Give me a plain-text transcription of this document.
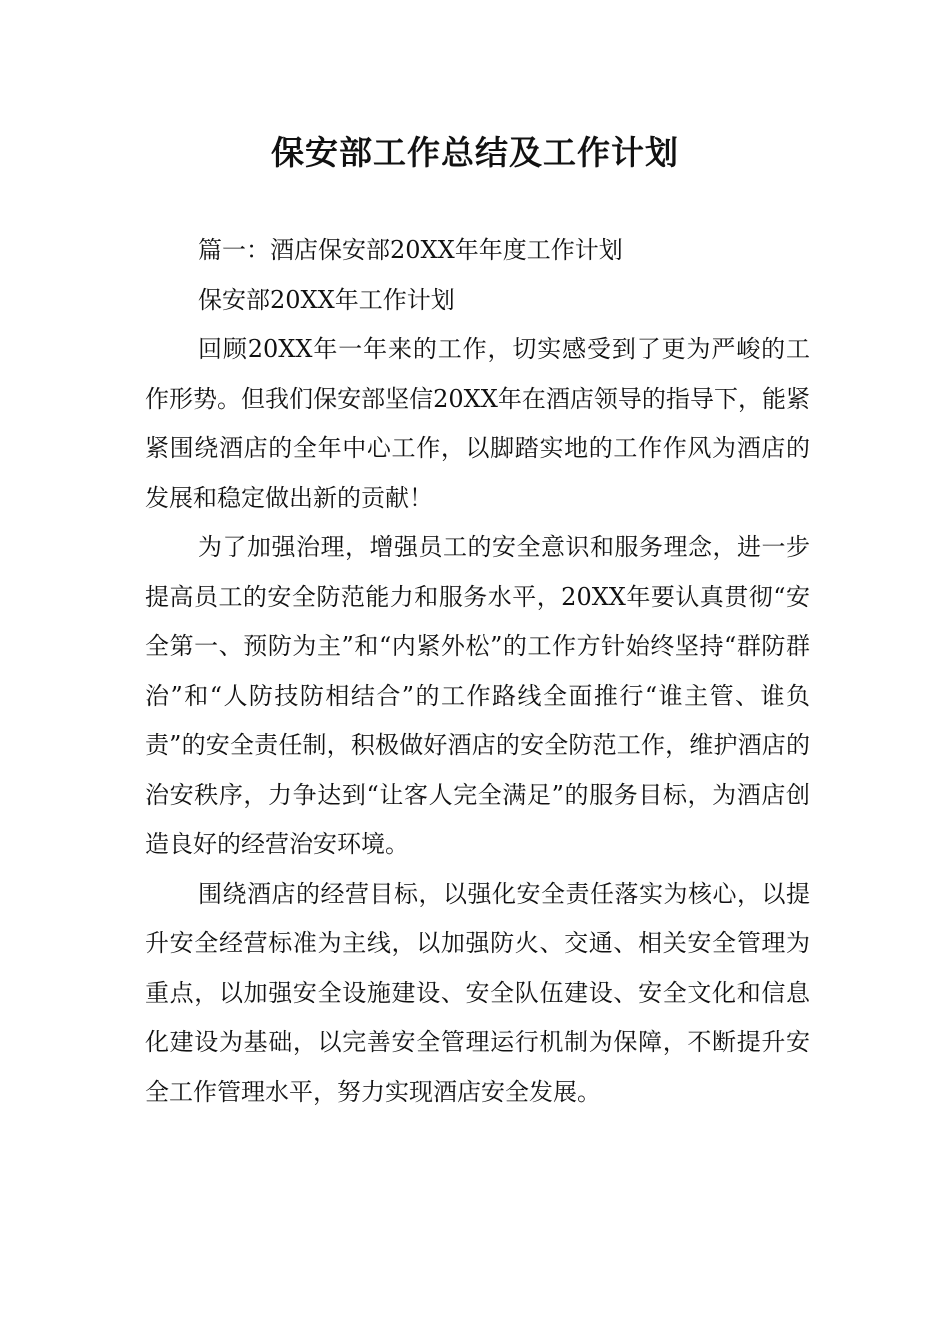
保安部工作总结及工作计划

篇一：酒店保安部20XX年年度工作计划

保安部20XX年工作计划

回顾20XX年一年来的工作，切实感受到了更为严峻的工作形势。但我们保安部坚信20XX年在酒店领导的指导下，能紧紧围绕酒店的全年中心工作，以脚踏实地的工作作风为酒店的发展和稳定做出新的贡献！

为了加强治理，增强员工的安全意识和服务理念，进一步提高员工的安全防范能力和服务水平，20XX年要认真贯彻“安全第一、预防为主”和“内紧外松”的工作方针始终坚持“群防群治”和“人防技防相结合”的工作路线全面推行“谁主管、谁负责”的安全责任制，积极做好酒店的安全防范工作，维护酒店的治安秩序，力争达到“让客人完全满足”的服务目标，为酒店创造良好的经营治安环境。

围绕酒店的经营目标，以强化安全责任落实为核心，以提升安全经营标准为主线，以加强防火、交通、相关安全管理为重点，以加强安全设施建设、安全队伍建设、安全文化和信息化建设为基础，以完善安全管理运行机制为保障，不断提升安全工作管理水平，努力实现酒店安全发展。
